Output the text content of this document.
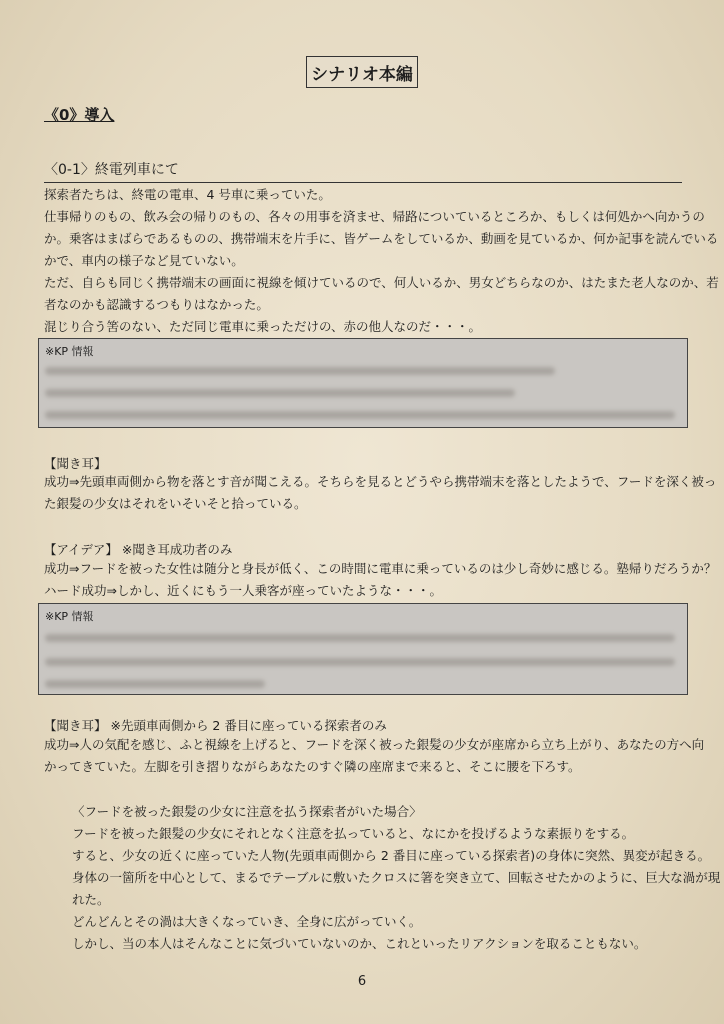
シナリオ本編
《0》導入
〈0-1〉終電列車にて
探索者たちは、終電の電車、4 号車に乗っていた。
仕事帰りのもの、飲み会の帰りのもの、各々の用事を済ませ、帰路についているところか、もしくは何処かへ向かうの
か。乗客はまばらであるものの、携帯端末を片手に、皆ゲームをしているか、動画を見ているか、何か記事を読んでいる
かで、車内の様子など見ていない。
ただ、自らも同じく携帯端末の画面に視線を傾けているので、何人いるか、男女どちらなのか、はたまた老人なのか、若
者なのかも認識するつもりはなかった。
混じり合う筈のない、ただ同じ電車に乗っただけの、赤の他人なのだ・・・。
※KP 情報
【聞き耳】
成功⇒先頭車両側から物を落とす音が聞こえる。そちらを見るとどうやら携帯端末を落としたようで、フードを深く被っ
た銀髪の少女はそれをいそいそと拾っている。
【アイデア】 ※聞き耳成功者のみ
成功⇒フードを被った女性は随分と身長が低く、この時間に電車に乗っているのは少し奇妙に感じる。塾帰りだろうか？
ハード成功⇒しかし、近くにもう一人乗客が座っていたような・・・。
※KP 情報
【聞き耳】 ※先頭車両側から 2 番目に座っている探索者のみ
成功⇒人の気配を感じ、ふと視線を上げると、フードを深く被った銀髪の少女が座席から立ち上がり、あなたの方へ向
かってきていた。左脚を引き摺りながらあなたのすぐ隣の座席まで来ると、そこに腰を下ろす。
〈フードを被った銀髪の少女に注意を払う探索者がいた場合〉
フードを被った銀髪の少女にそれとなく注意を払っていると、なにかを投げるような素振りをする。
すると、少女の近くに座っていた人物(先頭車両側から 2 番目に座っている探索者)の身体に突然、異変が起きる。
身体の一箇所を中心として、まるでテーブルに敷いたクロスに箸を突き立て、回転させたかのように、巨大な渦が現
れた。
どんどんとその渦は大きくなっていき、全身に広がっていく。
しかし、当の本人はそんなことに気づいていないのか、これといったリアクションを取ることもない。
6
